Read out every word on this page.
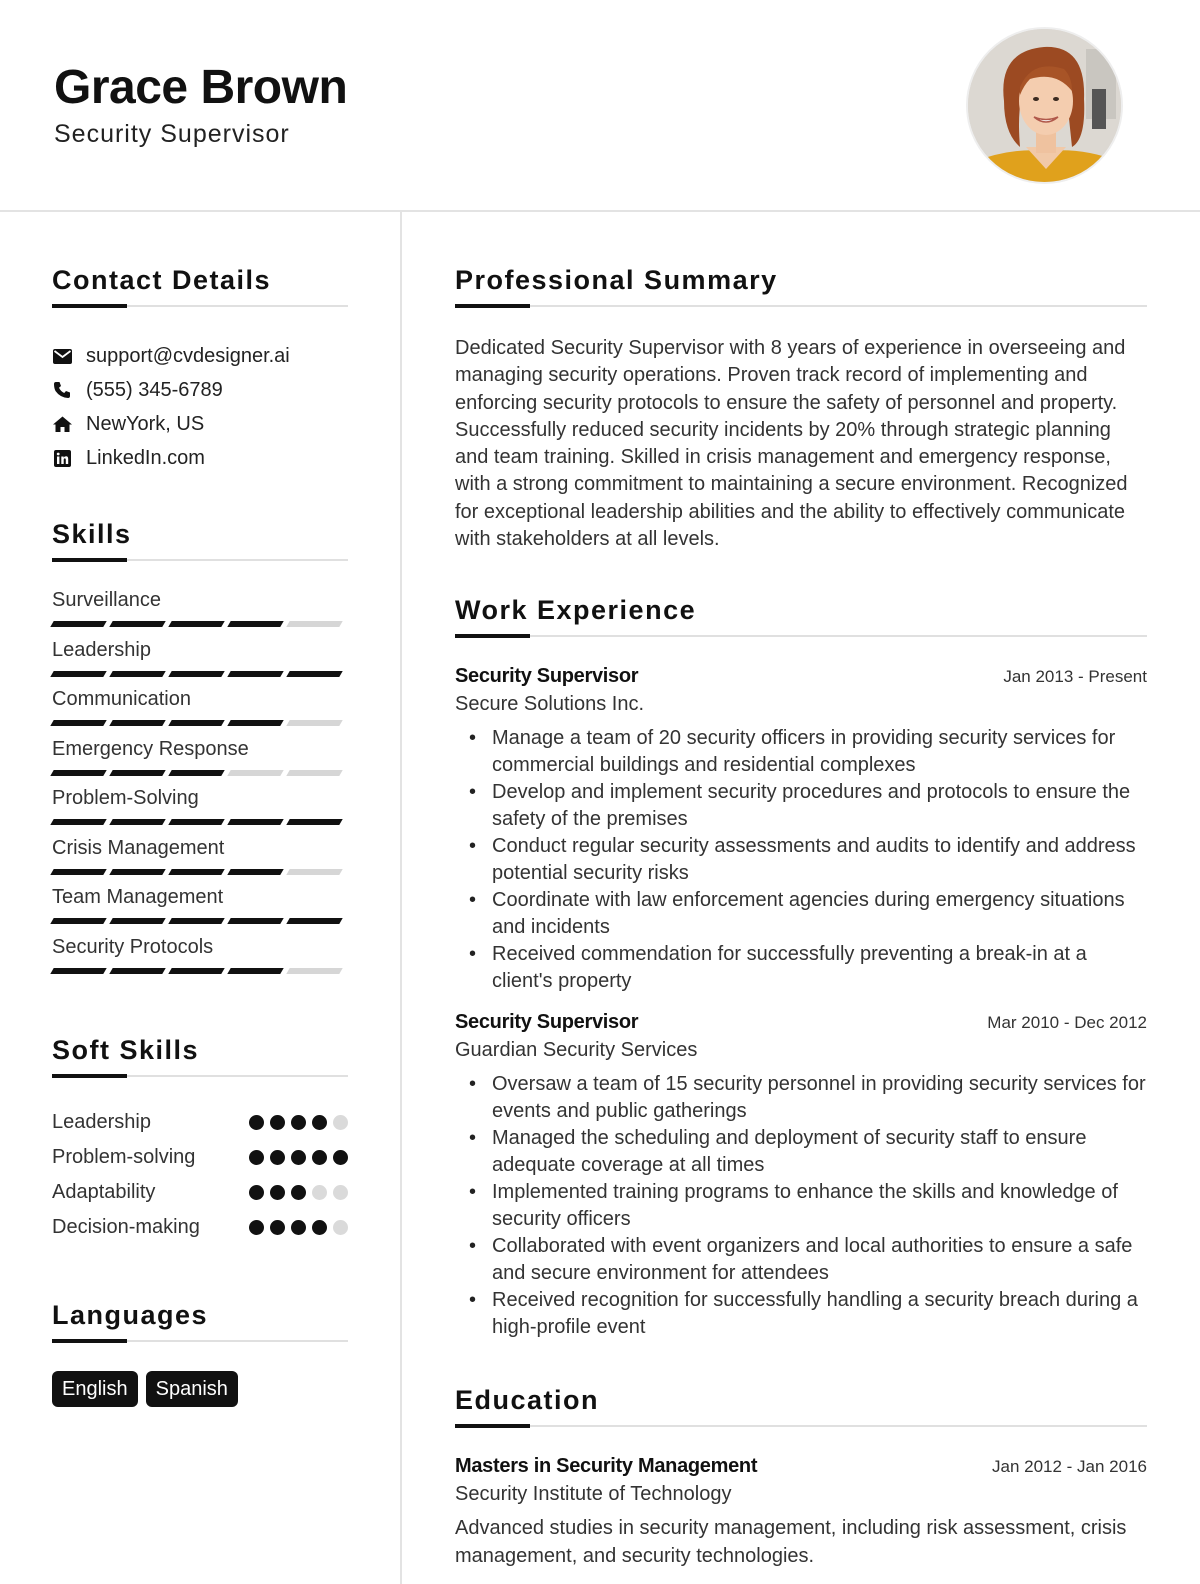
Grace Brown
Security Supervisor
Contact Details
support@cvdesigner.ai
(555) 345-6789
NewYork, US
LinkedIn.com
Skills
Surveillance
Leadership
Communication
Emergency Response
Problem-Solving
Crisis Management
Team Management
Security Protocols
Soft Skills
Leadership
Problem-solving
Adaptability
Decision-making
Languages
English	Spanish
Professional Summary

Dedicated Security Supervisor with 8 years of experience in overseeing and managing security operations. Proven track record of implementing and enforcing security protocols to ensure the safety of personnel and property. Successfully reduced security incidents by 20% through strategic planning and team training. Skilled in crisis management and emergency response, with a strong commitment to maintaining a secure environment. Recognized for exceptional leadership abilities and the ability to effectively communicate with stakeholders at all levels.

Work Experience
Security Supervisor	Jan 2013 - Present
Secure Solutions Inc.
• Manage a team of 20 security officers in providing security services for commercial buildings and residential complexes
• Develop and implement security procedures and protocols to ensure the safety of the premises
• Conduct regular security assessments and audits to identify and address potential security risks
• Coordinate with law enforcement agencies during emergency situations and incidents
• Received commendation for successfully preventing a break-in at a client's property
Security Supervisor	Mar 2010 - Dec 2012
Guardian Security Services
• Oversaw a team of 15 security personnel in providing security services for events and public gatherings
• Managed the scheduling and deployment of security staff to ensure adequate coverage at all times
• Implemented training programs to enhance the skills and knowledge of security officers
• Collaborated with event organizers and local authorities to ensure a safe and secure environment for attendees
• Received recognition for successfully handling a security breach during a high-profile event
Education
Masters in Security Management	Jan 2012 - Jan 2016
Security Institute of Technology

Advanced studies in security management, including risk assessment, crisis management, and security technologies.
